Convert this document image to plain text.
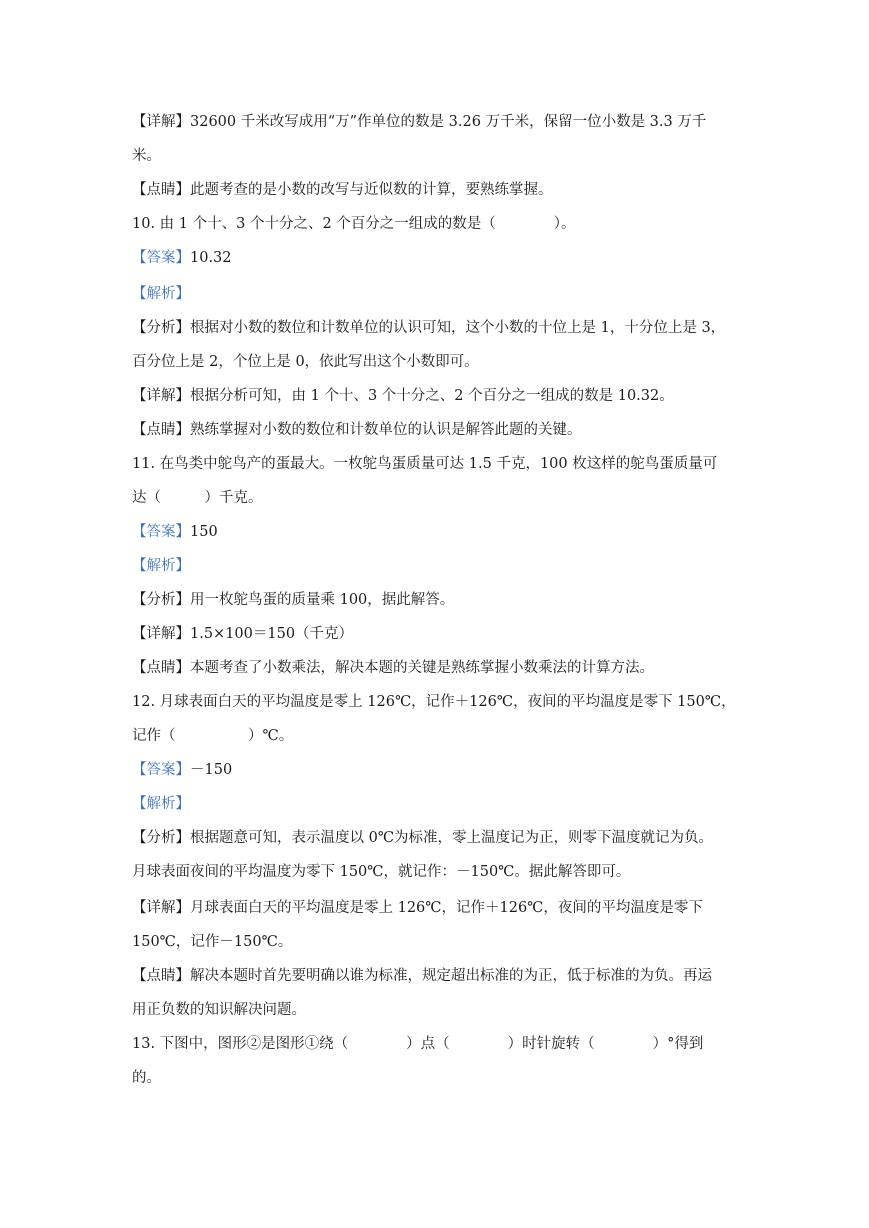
【详解】32600 千米改写成用“万”作单位的数是 3.26 万千米，保留一位小数是 3.3 万千
米。
【点睛】此题考查的是小数的改写与近似数的计算，要熟练掌握。
10. 由 1 个十、3 个十分之、2 个百分之一组成的数是（　　　　）。
【答案】10.32
【解析】
【分析】根据对小数的数位和计数单位的认识可知，这个小数的十位上是 1，十分位上是 3，
百分位上是 2，个位上是 0，依此写出这个小数即可。
【详解】根据分析可知，由 1 个十、3 个十分之、2 个百分之一组成的数是 10.32。
【点睛】熟练掌握对小数的数位和计数单位的认识是解答此题的关键。
11. 在鸟类中鸵鸟产的蛋最大。一枚鸵鸟蛋质量可达 1.5 千克，100 枚这样的鸵鸟蛋质量可
达（　　　）千克。
【答案】150
【解析】
【分析】用一枚鸵鸟蛋的质量乘 100，据此解答。
【详解】1.5×100＝150（千克）
【点睛】本题考查了小数乘法，解决本题的关键是熟练掌握小数乘法的计算方法。
12. 月球表面白天的平均温度是零上 126℃，记作＋126℃，夜间的平均温度是零下 150℃，
记作（　　　　　）℃。
【答案】－150
【解析】
【分析】根据题意可知，表示温度以 0℃为标准，零上温度记为正，则零下温度就记为负。
月球表面夜间的平均温度为零下 150℃，就记作：－150℃。据此解答即可。
【详解】月球表面白天的平均温度是零上 126℃，记作＋126℃，夜间的平均温度是零下
150℃，记作－150℃。
【点睛】解决本题时首先要明确以谁为标准，规定超出标准的为正，低于标准的为负。再运
用正负数的知识解决问题。
13. 下图中，图形②是图形①绕（　　　　）点（　　　　）时针旋转（　　　　）°得到
的。
